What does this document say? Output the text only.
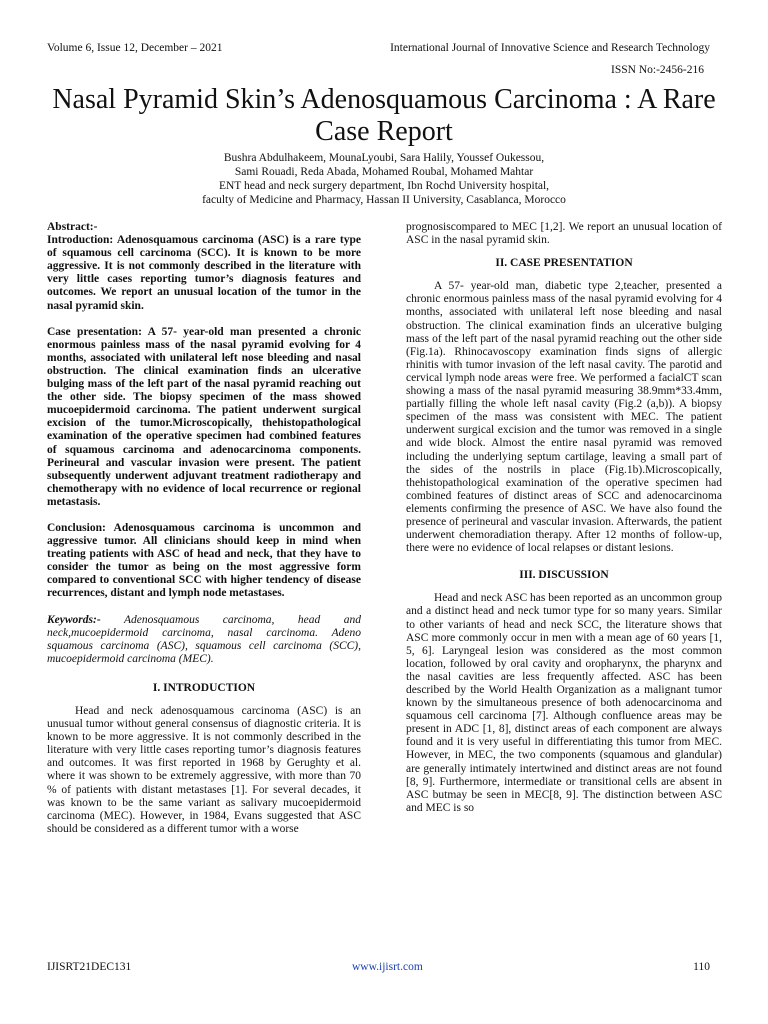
Volume 6, Issue 12, December – 2021	International Journal of Innovative Science and Research Technology
ISSN No:-2456-216
Nasal Pyramid Skin’s Adenosquamous Carcinoma : A Rare Case Report
Bushra Abdulhakeem, MounaLyoubi, Sara Halily, Youssef Oukessou,
Sami Rouadi, Reda Abada, Mohamed Roubal, Mohamed Mahtar
ENT head and neck surgery department, Ibn Rochd University hospital,
faculty of Medicine and Pharmacy, Hassan II University, Casablanca, Morocco

Abstract:-

Introduction: Adenosquamous carcinoma (ASC) is a rare type of squamous cell carcinoma (SCC). It is known to be more aggressive. It is not commonly described in the literature with very little cases reporting tumor’s diagnosis features and outcomes. We report an unusual location of the tumor in the nasal pyramid skin.

Case presentation: A 57- year-old man presented a chronic enormous painless mass of the nasal pyramid evolving for 4 months, associated with unilateral left nose bleeding and nasal obstruction. The clinical examination finds an ulcerative bulging mass of the left part of the nasal pyramid reaching out the other side. The biopsy specimen of the mass showed mucoepidermoid carcinoma. The patient underwent surgical excision of the tumor.Microscopically, thehistopathological examination of the operative specimen had combined features of squamous carcinoma and adenocarcinoma components. Perineural and vascular invasion were present. The patient subsequently underwent adjuvant treatment radiotherapy and chemotherapy with no evidence of local recurrence or regional metastasis.

Conclusion: Adenosquamous carcinoma is uncommon and aggressive tumor. All clinicians should keep in mind when treating patients with ASC of head and neck, that they have to consider the tumor as being on the most aggressive form compared to conventional SCC with higher tendency of disease recurrences, distant and lymph node metastases.

Keywords:- Adenosquamous carcinoma, head and neck,mucoepidermoid carcinoma, nasal carcinoma. Adeno squamous carcinoma (ASC), squamous cell carcinoma (SCC), mucoepidermoid carcinoma (MEC).

I. INTRODUCTION

Head and neck adenosquamous carcinoma (ASC) is an unusual tumor without general consensus of diagnostic criteria. It is known to be more aggressive. It is not commonly described in the literature with very little cases reporting tumor’s diagnosis features and outcomes. It was first reported in 1968 by Gerughty et al. where it was shown to be extremely aggressive, with more than 70 % of patients with distant metastases [1]. For several decades, it was known to be the same variant as salivary mucoepidermoid carcinoma (MEC). However, in 1984, Evans suggested that ASC should be considered as a different tumor with a worse

prognosiscompared to MEC [1,2]. We report an unusual location of ASC in the nasal pyramid skin.

II. CASE PRESENTATION

A 57- year-old man, diabetic type 2,teacher, presented a chronic enormous painless mass of the nasal pyramid evolving for 4 months, associated with unilateral left nose bleeding and nasal obstruction. The clinical examination finds an ulcerative bulging mass of the left part of the nasal pyramid reaching out the other side (Fig.1a). Rhinocavoscopy examination finds signs of allergic rhinitis with tumor invasion of the left nasal cavity. The parotid and cervical lymph node areas were free. We performed a facialCT scan showing a mass of the nasal pyramid measuring 38.9mm*33.4mm, partially filling the whole left nasal cavity (Fig.2 (a,b)). A biopsy specimen of the mass was consistent with MEC. The patient underwent surgical excision and the tumor was removed in a single and wide block. Almost the entire nasal pyramid was removed including the underlying septum cartilage, leaving a small part of the sides of the nostrils in place (Fig.1b).Microscopically, thehistopathological examination of the operative specimen had combined features of distinct areas of SCC and adenocarcinoma elements confirming the presence of ASC. We have also found the presence of perineural and vascular invasion. Afterwards, the patient underwent chemoradiation therapy. After 12 months of follow-up, there were no evidence of local relapses or distant lesions.

III. DISCUSSION

Head and neck ASC has been reported as an uncommon group and a distinct head and neck tumor type for so many years. Similar to other variants of head and neck SCC, the literature shows that ASC more commonly occur in men with a mean age of 60 years [1, 5, 6]. Laryngeal lesion was considered as the most common location, followed by oral cavity and oropharynx, the pharynx and the nasal cavities are less frequently affected. ASC has been described by the World Health Organization as a malignant tumor known by the simultaneous presence of both adenocarcinoma and squamous cell carcinoma [7]. Although confluence areas may be present in ADC [1, 8], distinct areas of each component are always found and it is very useful in differentiating this tumor from MEC. However, in MEC, the two components (squamous and glandular) are generally intimately intertwined and distinct areas are not found [8, 9]. Furthermore, intermediate or transitional cells are absent in ASC butmay be seen in MEC[8, 9]. The distinction between ASC and MEC is so

IJISRT21DEC131	www.ijisrt.com	110
